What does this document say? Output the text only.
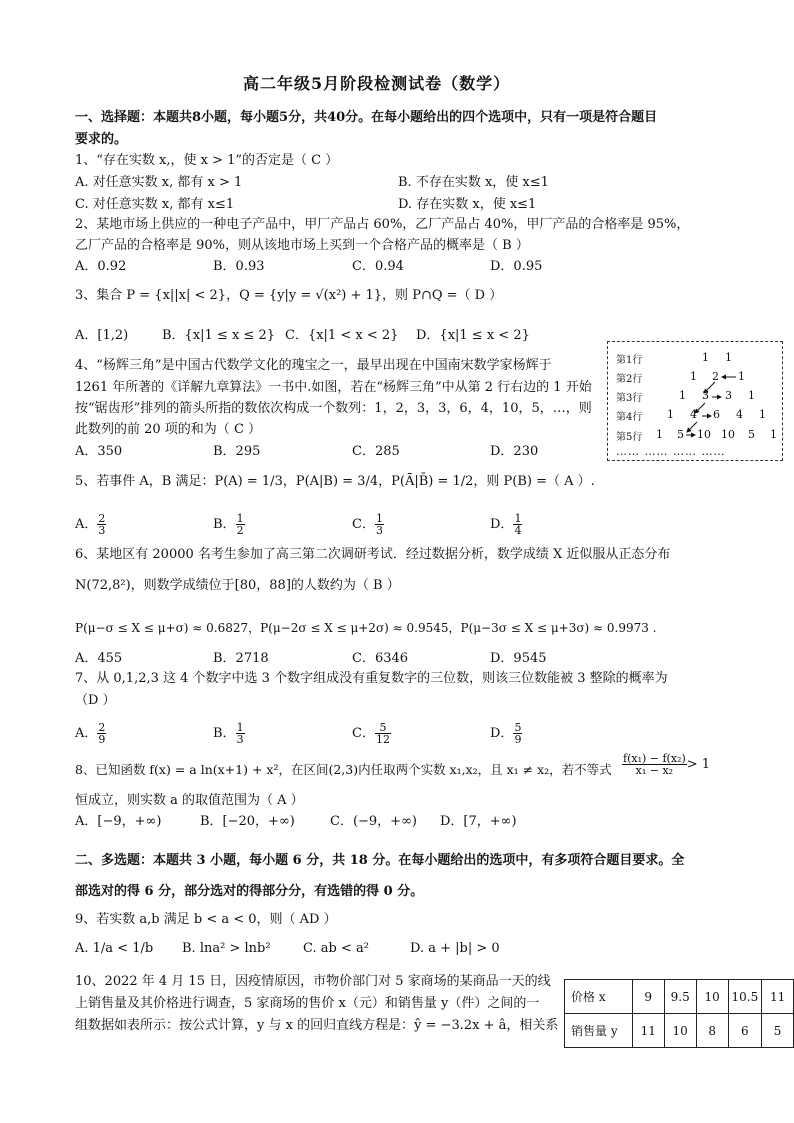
高二年级5月阶段检测试卷（数学）
一、选择题：本题共8小题，每小题5分，共40分。在每小题给出的四个选项中，只有一项是符合题目
要求的。
1、“存在实数 x,，使 x > 1”的否定是（ C ）
A. 对任意实数 x, 都有 x > 1	B. 不存在实数 x，使 x≤1
C. 对任意实数 x, 都有 x≤1	D. 存在实数 x，使 x≤1
2、某地市场上供应的一种电子产品中，甲厂产品占 60%，乙厂产品占 40%，甲厂产品的合格率是 95%，
乙厂产品的合格率是 90%，则从该地市场上买到一个合格产品的概率是（ B ）
A．0.92	B．0.93	C．0.94	D．0.95
3、集合 P = {x||x| < 2}，Q = {y|y = √(x²) + 1}，则 P∩Q =（ D ）
A．[1,2)	B．{x|1 ≤ x ≤ 2} C．{x|1 < x < 2} D．{x|1 ≤ x < 2}
4、“杨辉三角”是中国古代数学文化的瑰宝之一，最早出现在中国南宋数学家杨辉于
1261 年所著的《详解九章算法》一书中.如图，若在“杨辉三角”中从第 2 行右边的 1 开始
按“锯齿形”排列的箭头所指的数依次构成一个数列：1，2，3，3，6，4，10，5，…，则
此数列的前 20 项的和为（ C ）
A．350	B．295	C．285	D．230
第1行
第2行
第3行
第4行
第5行
1 1
1 2 1
1 3 3 1
1 4 6 4 1
1 5 10 10 5 1
…… …… …… ……
5、若事件 A，B 满足：P(A) = 1/3，P(A|B) = 3/4，P(Ā|B̄) = 1/2，则 P(B) =（ A ）.
A． $\frac{2}{3}$	B． $\frac{1}{2}$	C． $\frac{1}{3}$	D． $\frac{1}{4}$
6、某地区有 20000 名考生参加了高三第二次调研考试．经过数据分析，数学成绩 X 近似服从正态分布
N(72,8²)，则数学成绩位于[80，88]的人数约为（ B ）
P(μ−σ ≤ X ≤ μ+σ) ≈ 0.6827，P(μ−2σ ≤ X ≤ μ+2σ) ≈ 0.9545，P(μ−3σ ≤ X ≤ μ+3σ) ≈ 0.9973 .
A．455	B．2718	C．6346	D．9545
7、从 0,1,2,3 这 4 个数字中选 3 个数字组成没有重复数字的三位数，则该三位数能被 3 整除的概率为
（D ）
A． $\frac{2}{9}$	B． $\frac{1}{3}$	C． $\frac{5}{12}$	D． $\frac{5}{9}$
8、已知函数 f(x) = a ln(x+1) + x²，在区间(2,3)内任取两个实数 x₁,x₂，且 x₁ ≠ x₂，若不等式 $\frac{\text{f(x₁) − f(x₂)}}{\text{x₁ − x₂}} > 1$
恒成立，则实数 a 的取值范围为（ A ）
A．[−9，+∞)	B．[−20，+∞)	C．(−9，+∞) D．[7，+∞)
二、多选题：本题共 3 小题，每小题 6 分，共 18 分。在每小题给出的选项中，有多项符合题目要求。全
部选对的得 6 分，部分选对的得部分分，有选错的得 0 分。
9、若实数 a,b 满足 b < a < 0，则（ AD ）
A. 1/a < 1/b B. lna² > lnb² C. ab < a²	D. a + |b| > 0
10、2022 年 4 月 15 日，因疫情原因，市物价部门对 5 家商场的某商品一天的线
上销售量及其价格进行调查，5 家商场的售价 x（元）和销售量 y（件）之间的一
组数据如表所示：按公式计算，y 与 x 的回归直线方程是：ŷ = −3.2x + â，相关系
价格 x	9	9.5	10	10.5	11
销售量 y	11	10	8	6	5
